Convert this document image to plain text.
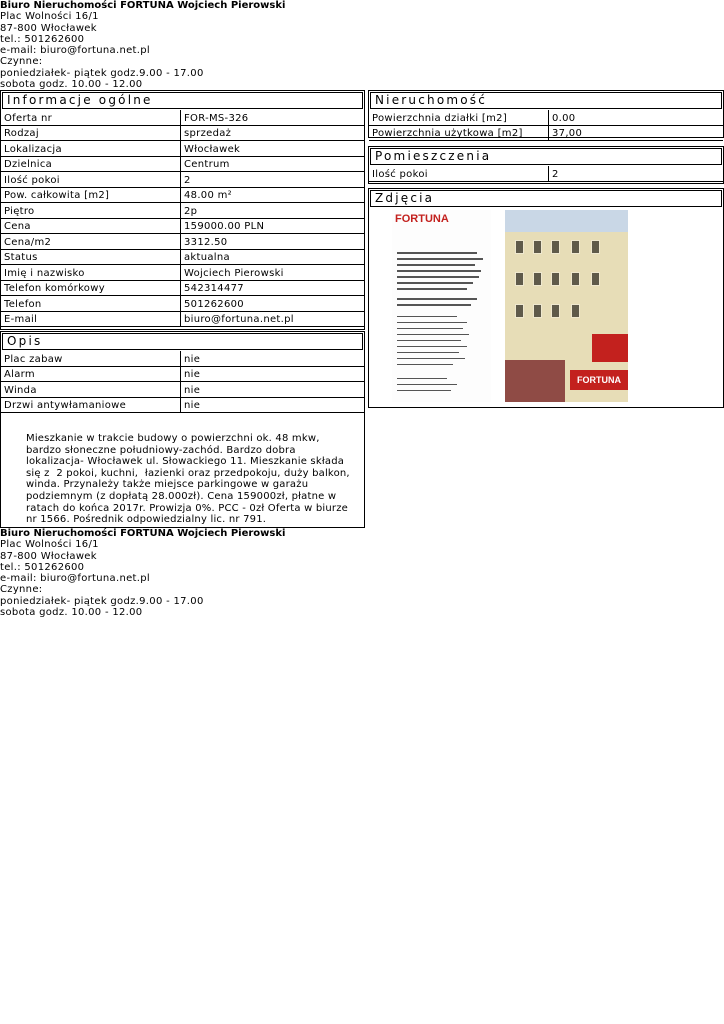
Biuro Nieruchomości FORTUNA Wojciech Pierowski
Plac Wolności 16/1
87-800 Włocławek
tel.: 501262600
e-mail: biuro@fortuna.net.pl
Czynne:
poniedziałek- piątek godz.9.00 - 17.00
sobota godz. 10.00 - 12.00
Informacje ogólne
Oferta nr	FOR-MS-326
Rodzaj	sprzedaż
Lokalizacja	Włocławek
Dzielnica	Centrum
Ilość pokoi	2
Pow. całkowita [m2]	48.00 m²
Piętro	2p
Cena	159000.00 PLN
Cena/m2	3312.50
Status	aktualna
Imię i nazwisko	Wojciech Pierowski
Telefon komórkowy	542314477
Telefon	501262600
E-mail	biuro@fortuna.net.pl
Opis
Plac zabaw	nie
Alarm	nie
Winda	nie
Drzwi antywłamaniowe	nie
Mieszkanie w trakcie budowy o powierzchni ok. 48 mkw, bardzo słoneczne południowy-zachód. Bardzo dobra lokalizacja- Włocławek ul. Słowackiego 11. Mieszkanie składa się z  2 pokoi, kuchni,  łazienki oraz przedpokoju, duży balkon, winda. Przynależy także miejsce parkingowe w garażu podziemnym (z dopłatą 28.000zł). Cena 159000zł, płatne w ratach do końca 2017r. Prowizja 0%. PCC - 0zł Oferta w biurze nr 1566. Pośrednik odpowiedzialny lic. nr 791.
Nieruchomość
Powierzchnia działki [m2]	0.00
Powierzchnia użytkowa [m2]	37,00
Pomieszczenia
Ilość pokoi	2
Zdjęcia
FORTUNA
FORTUNA
Biuro Nieruchomości FORTUNA Wojciech Pierowski
Plac Wolności 16/1
87-800 Włocławek
tel.: 501262600
e-mail: biuro@fortuna.net.pl
Czynne:
poniedziałek- piątek godz.9.00 - 17.00
sobota godz. 10.00 - 12.00
